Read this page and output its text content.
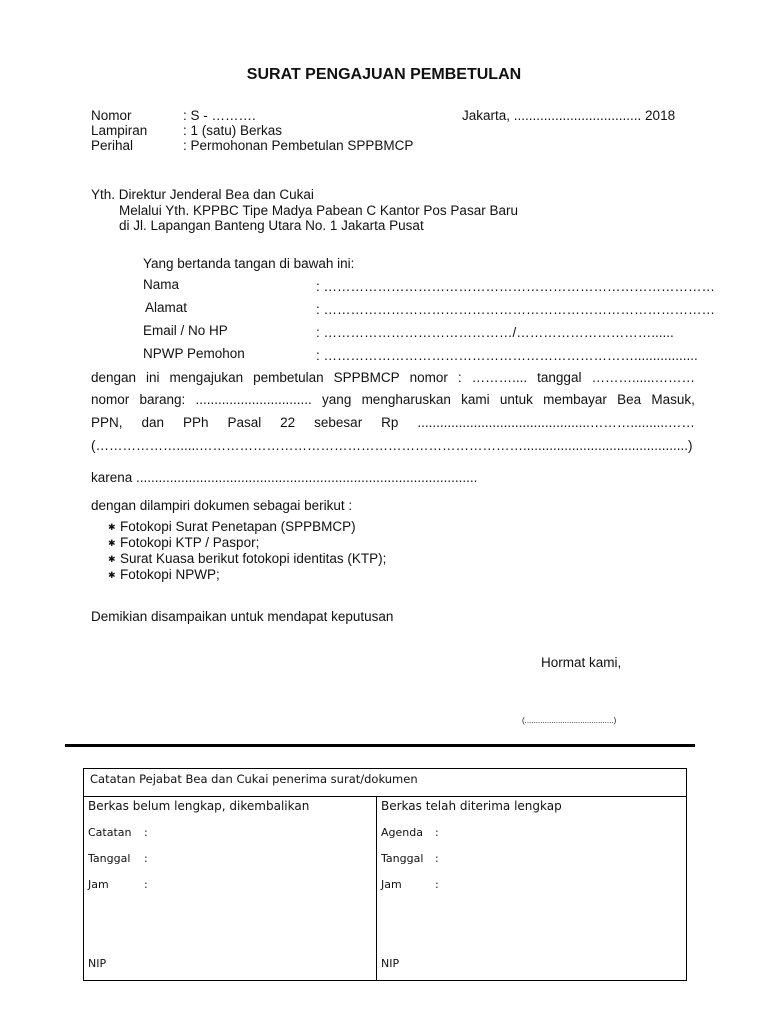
SURAT PENGAJUAN PEMBETULAN
Nomor	: S - ……….
Lampiran	: 1 (satu) Berkas
Perihal	: Permohonan Pembetulan SPPBMCP
Jakarta, .................................. 2018
Yth. Direktur Jenderal Bea dan Cukai
Melalui Yth. KPPBC Tipe Madya Pabean C Kantor Pos Pasar Baru
di Jl. Lapangan Banteng Utara No. 1 Jakarta Pusat
Yang bertanda tangan di bawah ini:
Nama	: ……………………………………………………………………………
Alamat	: ……………………………………………………………………………
Email / No HP	: ……………………………………/…………………………......
NPWP Pemohon	: …………………………………………………………….................
dengan ini mengajukan pembetulan SPPBMCP nomor : ……….... tanggal ………......………
nomor barang: ............................... yang mengharuskan kami untuk membayar Bea Masuk,
PPN, dan PPh Pasal 22 sebesar Rp ..............................................………..........……
(………………......………………………………………………………………............................................)
karena ...........................................................................................
dengan dilampiri dokumen sebagai berikut :
✱ Fotokopi Surat Penetapan (SPPBMCP)
✱ Fotokopi KTP / Paspor;
✱ Surat Kuasa berikut fotokopi identitas (KTP);
✱ Fotokopi NPWP;
Demikian disampaikan untuk mendapat keputusan
Hormat kami,
(........................................)
Catatan Pejabat Bea dan Cukai penerima surat/dokumen
Berkas belum lengkap, dikembalikan
Catatan :
Tanggal :
Jam	:
NIP
Berkas telah diterima lengkap
Agenda :
Tanggal :
Jam	:
NIP
